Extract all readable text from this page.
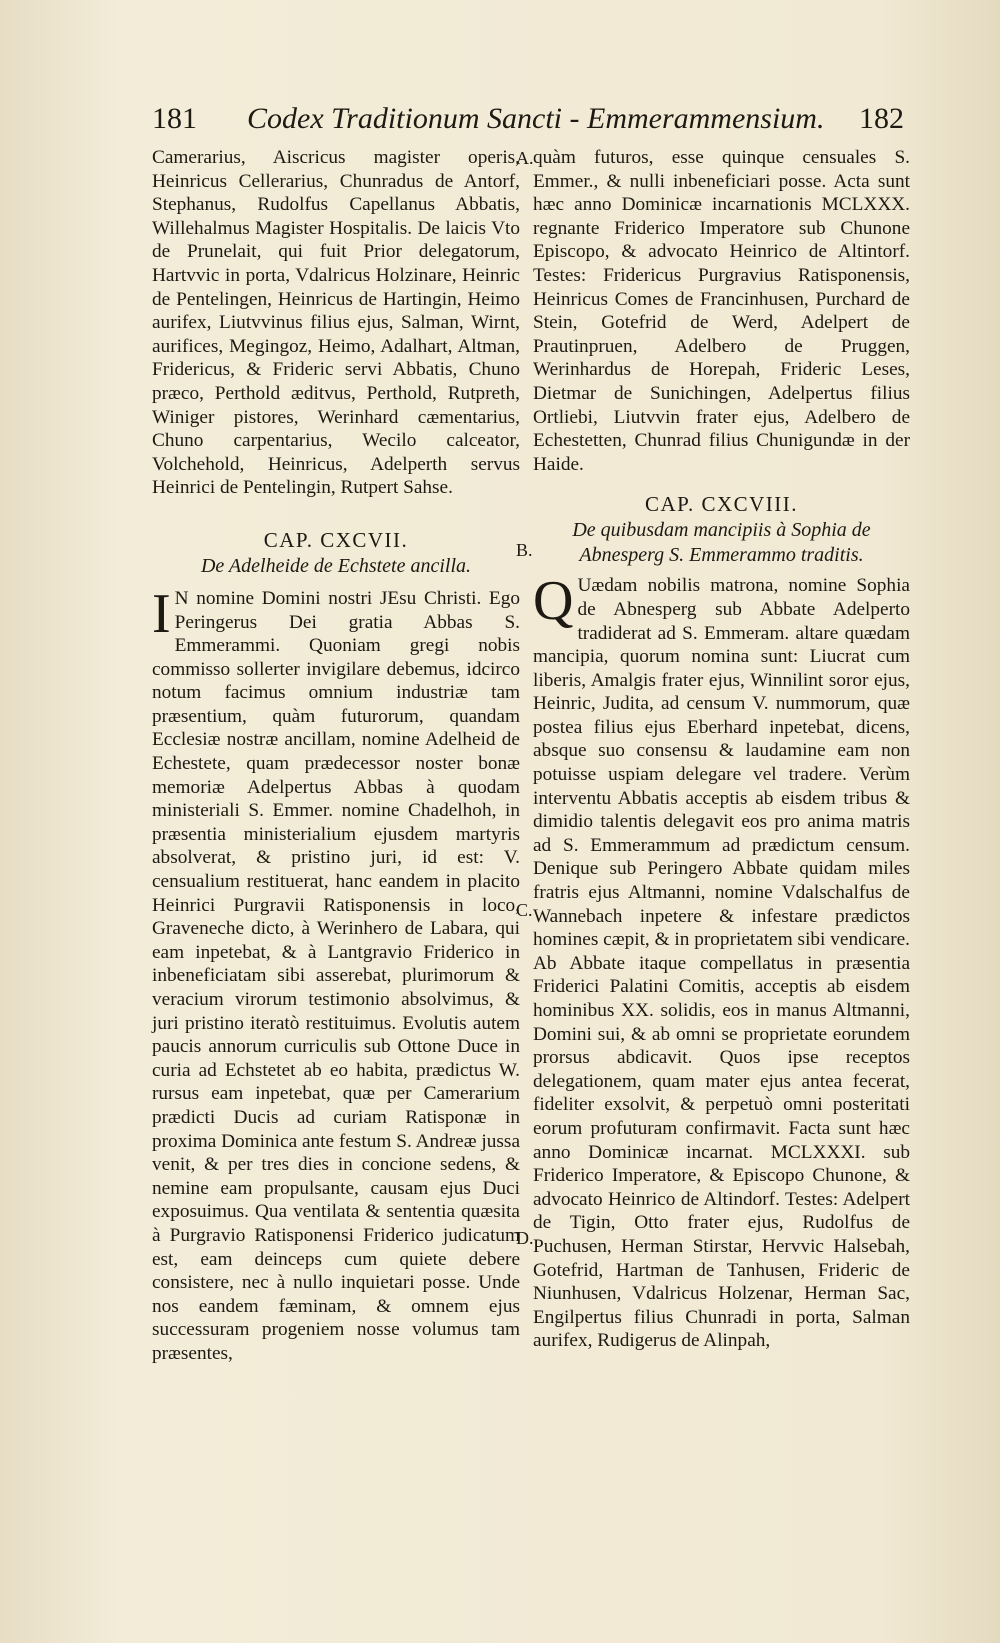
181 Codex Traditionum Sancti - Emmerammensium. 182

Camerarius, Aiscricus magister operis, Heinricus Cellerarius, Chunradus de Antorf, Stephanus, Rudolfus Capellanus Abbatis, Willehalmus Magister Hospitalis. De laicis Vto de Prunelait, qui fuit Prior delegatorum, Hartvvic in porta, Vdalricus Holzinare, Heinric de Pentelingen, Heinricus de Hartingin, Heimo aurifex, Liutvvinus filius ejus, Salman, Wirnt, aurifices, Megingoz, Heimo, Adalhart, Altman, Fridericus, & Frideric servi Abbatis, Chuno præco, Perthold æditvus, Perthold, Rutpreth, Winiger pistores, Werinhard cæmentarius, Chuno carpentarius, Wecilo calceator, Volchehold, Heinricus, Adelperth servus Heinrici de Pentelingin, Rutpert Sahse.

CAP. CXCVII.

De Adelheide de Echstete ancilla.

I N nomine Domini nostri JEsu Christi. Ego Peringerus Dei gratia Abbas S. Emmerammi. Quoniam gregi nobis commisso sollerter invigilare debemus, idcirco notum facimus omnium industriæ tam præsentium, quàm futurorum, quandam Ecclesiæ nostræ ancillam, nomine Adelheid de Echestete, quam prædecessor noster bonæ memoriæ Adelpertus Abbas à quodam ministeriali S. Emmer. nomine Chadelhoh, in præsentia ministerialium ejusdem martyris absolverat, & pristino juri, id est: V. censualium restituerat, hanc eandem in placito Heinrici Purgravii Ratisponensis in loco, Graveneche dicto, à Werinhero de Labara, qui eam inpetebat, & à Lantgravio Friderico in inbeneficiatam sibi asserebat, plurimorum & veracium virorum testimonio absolvimus, & juri pristino iteratò restituimus. Evolutis autem paucis annorum curriculis sub Ottone Duce in curia ad Echstetet ab eo habita, prædictus W. rursus eam inpetebat, quæ per Camerarium prædicti Ducis ad curiam Ratisponæ in proxima Dominica ante festum S. Andreæ jussa venit, & per tres dies in concione sedens, & nemine eam propulsante, causam ejus Duci exposuimus. Qua ventilata & sententia quæsita à Purgravio Ratisponensi Friderico judicatum est, eam deinceps cum quiete debere consistere, nec à nullo inquietari posse. Unde nos eandem fæminam, & omnem ejus successuram progeniem nosse volumus tam præsentes,

quàm futuros, esse quinque censuales S. Emmer., & nulli inbeneficiari posse. Acta sunt hæc anno Dominicæ incarnationis MCLXXX. regnante Friderico Imperatore sub Chunone Episcopo, & advocato Heinrico de Altintorf. Testes: Fridericus Purgravius Ratisponensis, Heinricus Comes de Francinhusen, Purchard de Stein, Gotefrid de Werd, Adelpert de Prautinpruen, Adelbero de Pruggen, Werinhardus de Horepah, Frideric Leses, Dietmar de Sunichingen, Adelpertus filius Ortliebi, Liutvvin frater ejus, Adelbero de Echestetten, Chunrad filius Chunigundæ in der Haide.

CAP. CXCVIII.

De quibusdam mancipiis à Sophia de Abnesperg S. Emmerammo traditis.

Q Uædam nobilis matrona, nomine Sophia de Abnesperg sub Abbate Adelperto tradiderat ad S. Emmeram. altare quædam mancipia, quorum nomina sunt: Liucrat cum liberis, Amalgis frater ejus, Winnilint soror ejus, Heinric, Judita, ad censum V. nummorum, quæ postea filius ejus Eberhard inpetebat, dicens, absque suo consensu & laudamine eam non potuisse uspiam delegare vel tradere. Verùm interventu Abbatis acceptis ab eisdem tribus & dimidio talentis delegavit eos pro anima matris ad S. Emmerammum ad prædictum censum. Denique sub Peringero Abbate quidam miles fratris ejus Altmanni, nomine Vdalschalfus de Wannebach inpetere & infestare prædictos homines cæpit, & in proprietatem sibi vendicare. Ab Abbate itaque compellatus in præsentia Friderici Palatini Comitis, acceptis ab eisdem hominibus XX. solidis, eos in manus Altmanni, Domini sui, & ab omni se proprietate eorundem prorsus abdicavit. Quos ipse receptos delegationem, quam mater ejus antea fecerat, fideliter exsolvit, & perpetuò omni posteritati eorum profuturam confirmavit. Facta sunt hæc anno Dominicæ incarnat. MCLXXXI. sub Friderico Imperatore, & Episcopo Chunone, & advocato Heinrico de Altindorf. Testes: Adelpert de Tigin, Otto frater ejus, Rudolfus de Puchusen, Herman Stirstar, Hervvic Halsebah, Gotefrid, Hartman de Tanhusen, Frideric de Niunhusen, Vdalricus Holzenar, Herman Sac, Engilpertus filius Chunradi in porta, Salman aurifex, Rudigerus de Alinpah,

A.
B.
C.
D.
